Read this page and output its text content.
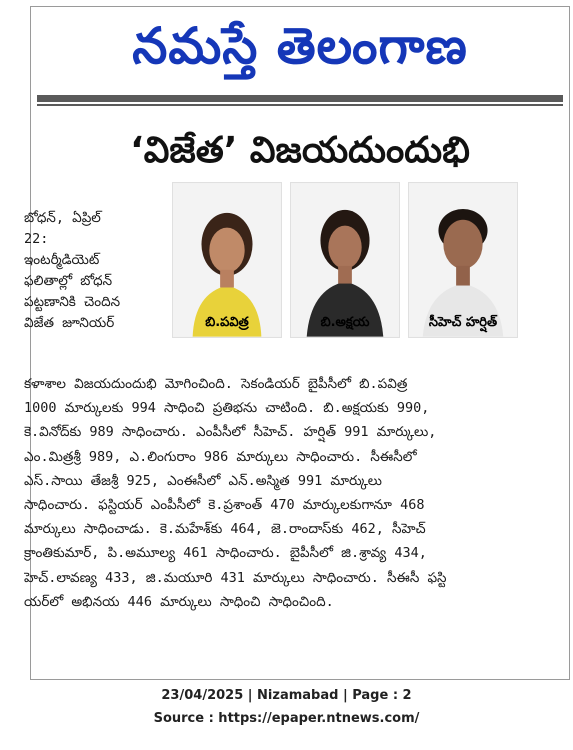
నమస్తే తెలంగాణ
‘విజేత’ విజయదుందుభి
బోధన్, ఏప్రిల్
22:
ఇంటర్మీడియెట్
ఫలితాల్లో బోధన్
పట్టణానికి చెందిన
విజేత జూనియర్	బి.పవిత్ర	బి.అక్షయ	సీహెచ్ హర్షిత్
కళాశాల విజయదుందుభి మోగించింది. సెకండియర్ బైపీసీలో బి.పవిత్ర
1000 మార్కులకు 994 సాధించి ప్రతిభను చాటింది. బి.అక్షయకు 990,
కె.వినోద్‌కు 989 సాధించారు. ఎంపీసీలో సీహెచ్. హర్షిత్ 991 మార్కులు,
ఎం.మిత్రశ్రీ 989, ఎ.లింగురాం 986 మార్కులు సాధించారు. సీఈసీలో
ఎస్.సాయి తేజశ్రీ 925, ఎంఈసీలో ఎన్.అస్మిత 991 మార్కులు
సాధించారు. ఫస్టియర్ ఎంపీసీలో కె.ప్రశాంత్ 470 మార్కులకుగానూ 468
మార్కులు సాధించాడు. కె.మహేశ్‌కు 464, జె.రాందాస్‌కు 462, సీహెచ్
క్రాంతికుమార్, పి.అమూల్య 461 సాధించారు. బైపీసీలో జి.శ్రావ్య 434,
హెచ్.లావణ్య 433, జి.మయూరి 431 మార్కులు సాధించారు. సీఈసీ ఫస్టి
యర్‌లో అభినయ 446 మార్కులు సాధించి సాధించింది.
23/04/2025 | Nizamabad | Page : 2
Source : https://epaper.ntnews.com/
